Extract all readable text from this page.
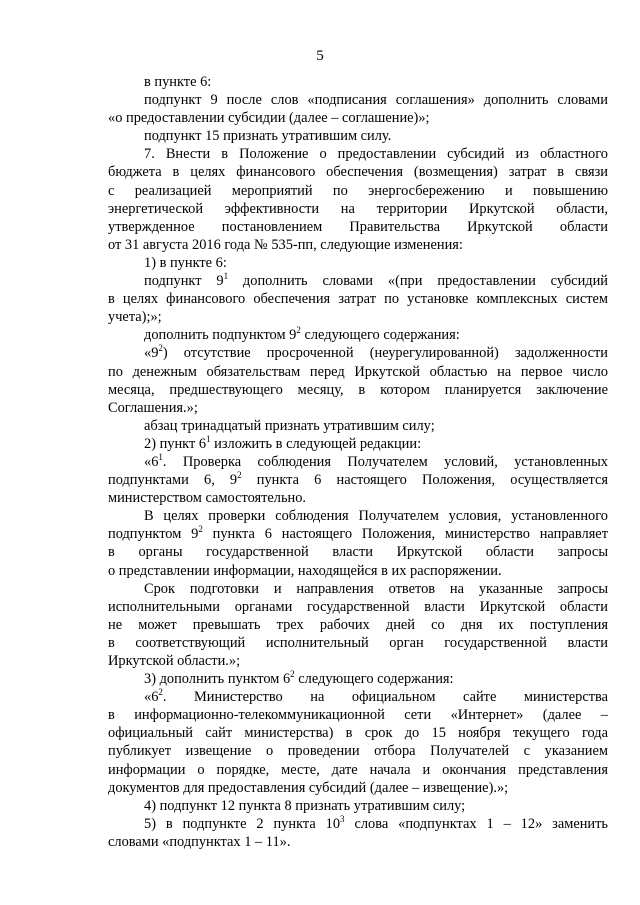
5
в пункте 6:
подпункт 9 после слов «подписания соглашения» дополнить словами
«о предоставлении субсидии (далее – соглашение)»;
подпункт 15 признать утратившим силу.
7. Внести в Положение о предоставлении субсидий из областного
бюджета в целях финансового обеспечения (возмещения) затрат в связи
с реализацией мероприятий по энергосбережению и повышению
энергетической эффективности на территории Иркутской области,
утвержденное постановлением Правительства Иркутской области
от 31 августа 2016 года № 535-пп, следующие изменения:
1) в пункте 6:
подпункт $9^1$ дополнить словами «(при предоставлении субсидий
в целях финансового обеспечения затрат по установке комплексных систем
учета);»;
дополнить подпунктом $9^2$ следующего содержания:
«$9^2$) отсутствие просроченной (неурегулированной) задолженности
по денежным обязательствам перед Иркутской областью на первое число
месяца, предшествующего месяцу, в котором планируется заключение
Соглашения.»;
абзац тринадцатый признать утратившим силу;
2) пункт $6^1$ изложить в следующей редакции:
«$6^1$. Проверка соблюдения Получателем условий, установленных
подпунктами 6, $9^2$ пункта 6 настоящего Положения, осуществляется
министерством самостоятельно.
В целях проверки соблюдения Получателем условия, установленного
подпунктом $9^2$ пункта 6 настоящего Положения, министерство направляет
в органы государственной власти Иркутской области запросы
о представлении информации, находящейся в их распоряжении.
Срок подготовки и направления ответов на указанные запросы
исполнительными органами государственной власти Иркутской области
не может превышать трех рабочих дней со дня их поступления
в соответствующий исполнительный орган государственной власти
Иркутской области.»;
3) дополнить пунктом $6^2$ следующего содержания:
«$6^2$. Министерство на официальном сайте министерства
в информационно-телекоммуникационной сети «Интернет» (далее –
официальный сайт министерства) в срок до 15 ноября текущего года
публикует извещение о проведении отбора Получателей с указанием
информации о порядке, месте, дате начала и окончания представления
документов для предоставления субсидий (далее – извещение).»;
4) подпункт 12 пункта 8 признать утратившим силу;
5) в подпункте 2 пункта $10^3$ слова «подпунктах 1 – 12» заменить
словами «подпунктах 1 – 11».
